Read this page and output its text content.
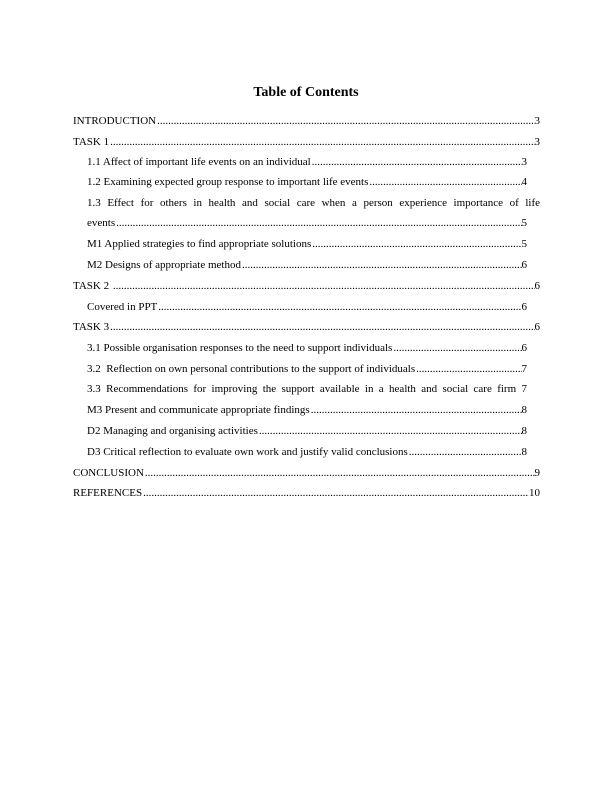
Table of Contents
INTRODUCTION .....	3
TASK 1 .....	3
1.1 Affect of important life events on an individual .....	3
1.2 Examining expected group response to important life events .....	4
1.3 Effect for others in health and social care when a person experience importance of life
events .....	5
M1 Applied strategies to find appropriate solutions .....	5
M2 Designs of appropriate method .....	6
TASK 2 .....	6
Covered in PPT .....	6
TASK 3 .....	6
3.1 Possible organisation responses to the need to support individuals .....	6
3.2  Reflection on own personal contributions to the support of individuals .....	7
3.3 Recommendations for improving the support available in a health and social care firm 7
M3 Present and communicate appropriate findings .....	8
D2 Managing and organising activities .....	8
D3 Critical reflection to evaluate own work and justify valid conclusions .....	8
CONCLUSION .....	9
REFERENCES .....	10
